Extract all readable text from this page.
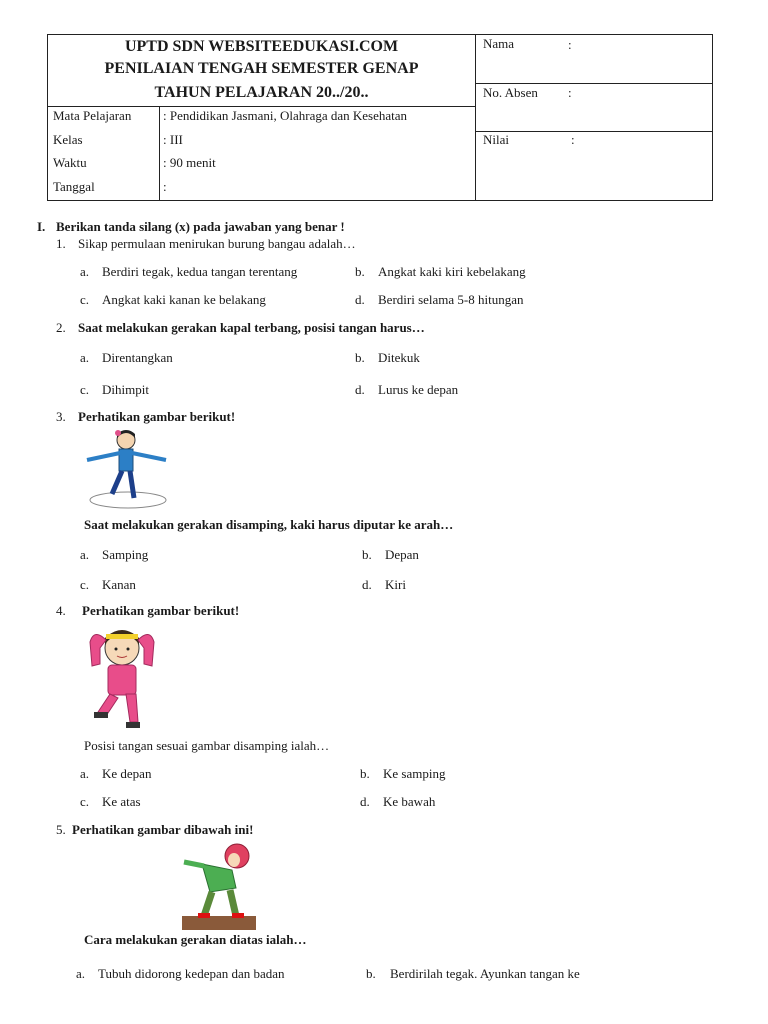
UPTD SDN WEBSITEEDUKASI.COM
PENILAIAN TENGAH SEMESTER GENAP
TAHUN PELAJARAN 20../20..
Mata Pelajaran : Pendidikan Jasmani, Olahraga dan Kesehatan
Kelas	: III
Waktu	: 90 menit
Tanggal	:
Nama	:
No. Absen :
Nilai	:
I. Berikan tanda silang (x) pada jawaban yang benar !
1. Sikap permulaan menirukan burung bangau adalah…
a. Berdiri tegak, kedua tangan terentang	b. Angkat kaki kiri kebelakang
c. Angkat kaki kanan ke belakang	d. Berdiri selama 5-8 hitungan
2. Saat melakukan gerakan kapal terbang, posisi tangan harus…
a. Direntangkan	b. Ditekuk
c. Dihimpit	d. Lurus ke depan
3. Perhatikan gambar berikut!
Saat melakukan gerakan disamping, kaki harus diputar ke arah…
a. Samping	b. Depan
c. Kanan	d. Kiri
4. Perhatikan gambar berikut!
Posisi tangan sesuai gambar disamping ialah…
a. Ke depan	b. Ke samping
c. Ke atas	d. Ke bawah
5. Perhatikan gambar dibawah ini!
Cara melakukan gerakan diatas ialah…
a. Tubuh didorong kedepan dan badan	b. Berdirilah tegak. Ayunkan tangan ke
